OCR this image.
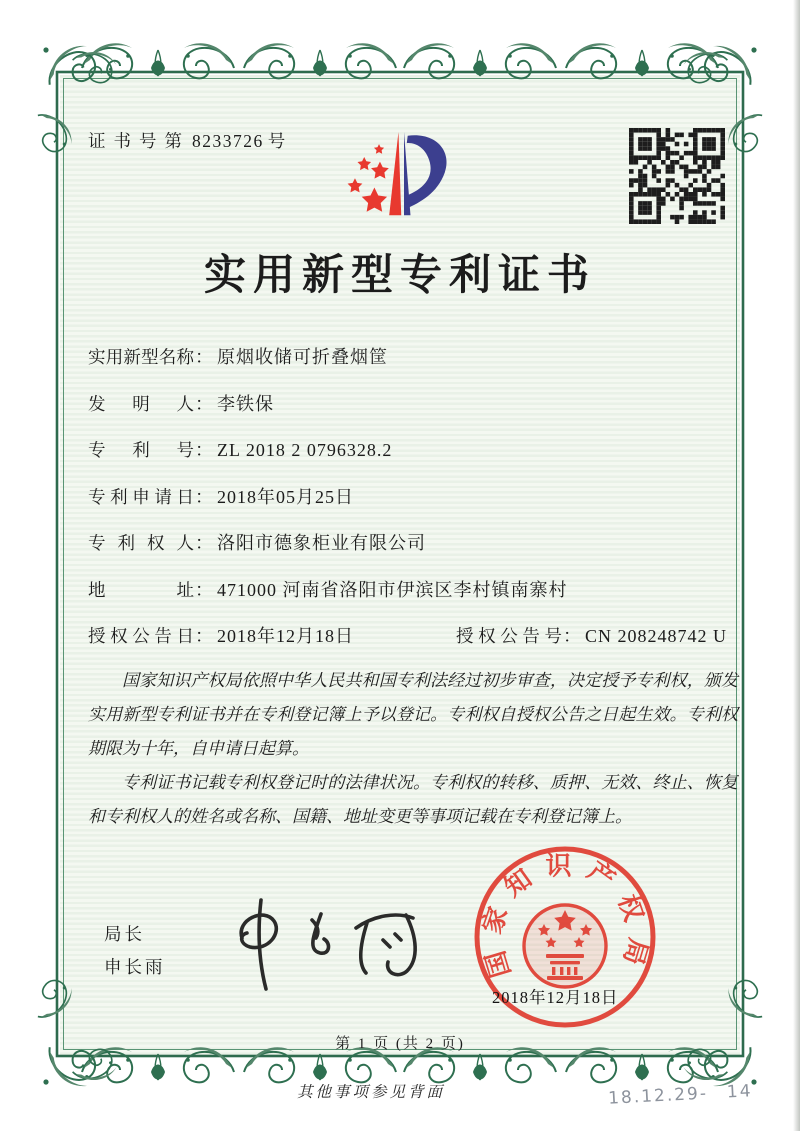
证书号第 8233726 号
实用新型专利证书
实用新型名称 ： 原烟收储可折叠烟筐
发明人 ： 李铁保
专利号 ： ZL 2018 2 0796328.2
专利申请日 ： 2018年05月25日
专利权人 ： 洛阳市德象柜业有限公司
地址 ： 471000 河南省洛阳市伊滨区李村镇南寨村
授权公告日 ： 2018年12月18日	授权公告号： CN 208248742 U

国家知识产权局依照中华人民共和国专利法经过初步审查，决定授予专利权，颁发实用新型专利证书并在专利登记簿上予以登记。专利权自授权公告之日起生效。专利权期限为十年，自申请日起算。

专利证书记载专利权登记时的法律状况。专利权的转移、质押、无效、终止、恢复和专利权人的姓名或名称、国籍、地址变更等事项记载在专利登记簿上。

局长
申长雨	国家知识产权局
2018年12月18日
第 1 页 (共 2 页)
其他事项参见背面	18.12.29-　14
